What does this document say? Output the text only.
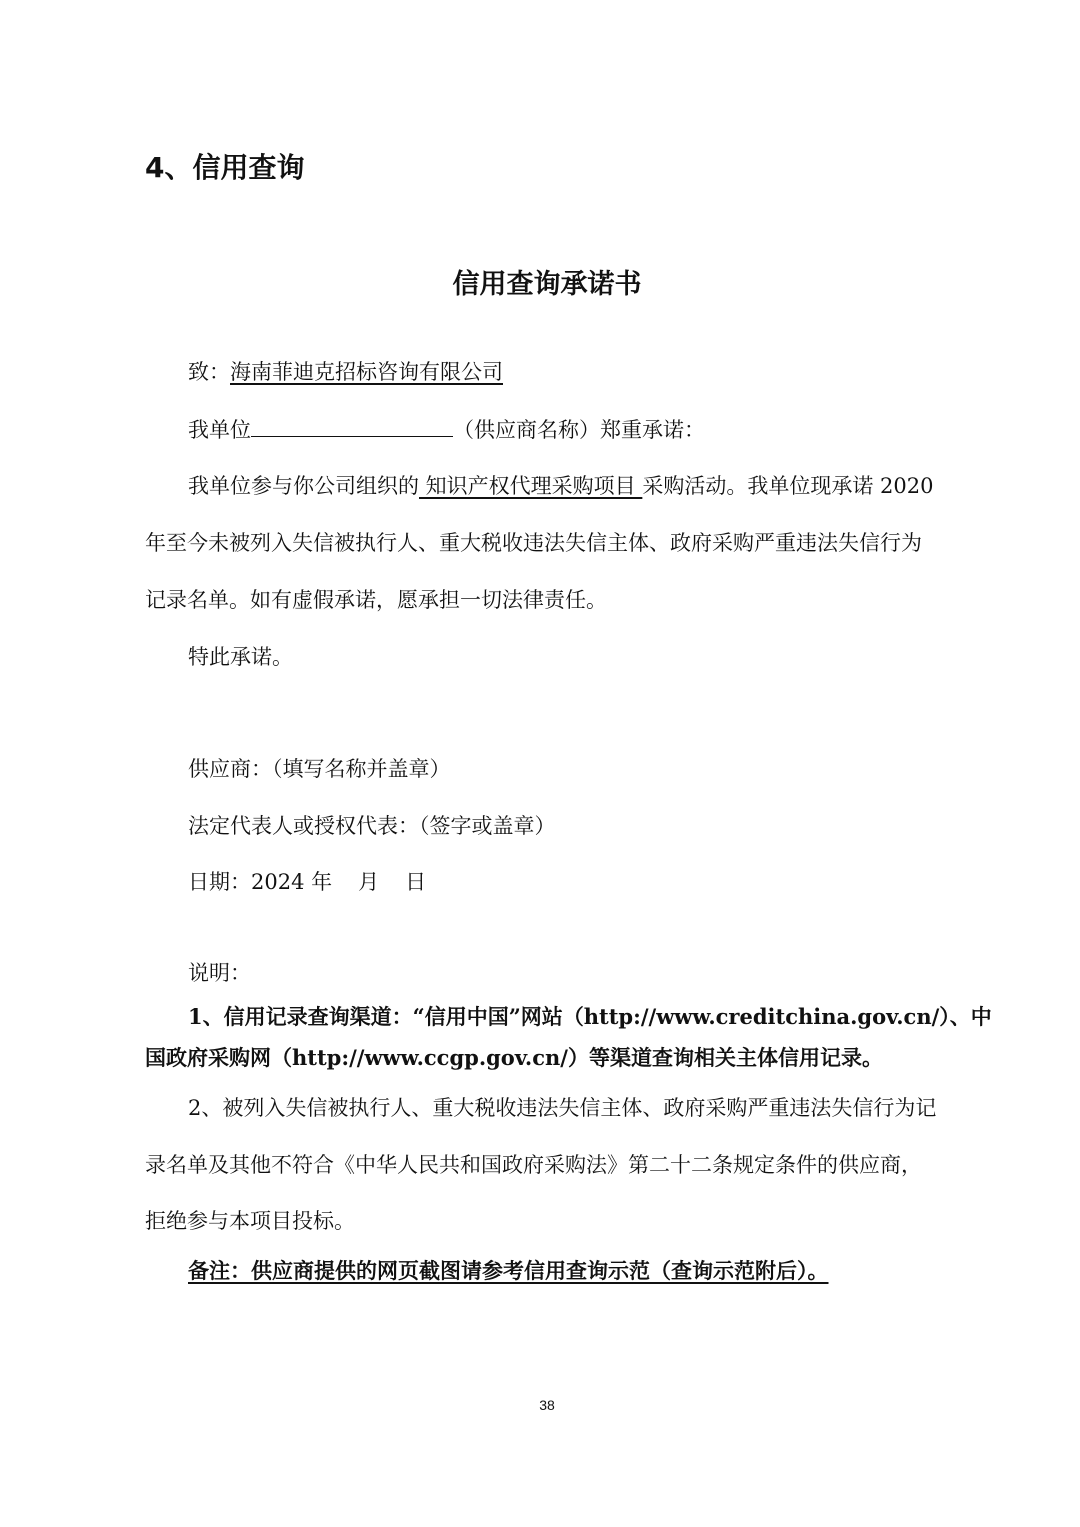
4、信用查询
信用查询承诺书
致：海南菲迪克招标咨询有限公司
我单位	（供应商名称）郑重承诺：
我单位参与你公司组织的 知识产权代理采购项目 采购活动。我单位现承诺 2020
年至今未被列入失信被执行人、重大税收违法失信主体、政府采购严重违法失信行为
记录名单。如有虚假承诺，愿承担一切法律责任。
特此承诺。
供应商：（填写名称并盖章）
法定代表人或授权代表：（签字或盖章）
日期：2024 年 月 日
说明：
1、信用记录查询渠道：“信用中国”网站（http://www.creditchina.gov.cn/）、中
国政府采购网（http://www.ccgp.gov.cn/）等渠道查询相关主体信用记录。
2、被列入失信被执行人、重大税收违法失信主体、政府采购严重违法失信行为记
录名单及其他不符合《中华人民共和国政府采购法》第二十二条规定条件的供应商，
拒绝参与本项目投标。
备注：供应商提供的网页截图请参考信用查询示范（查询示范附后）。
38
